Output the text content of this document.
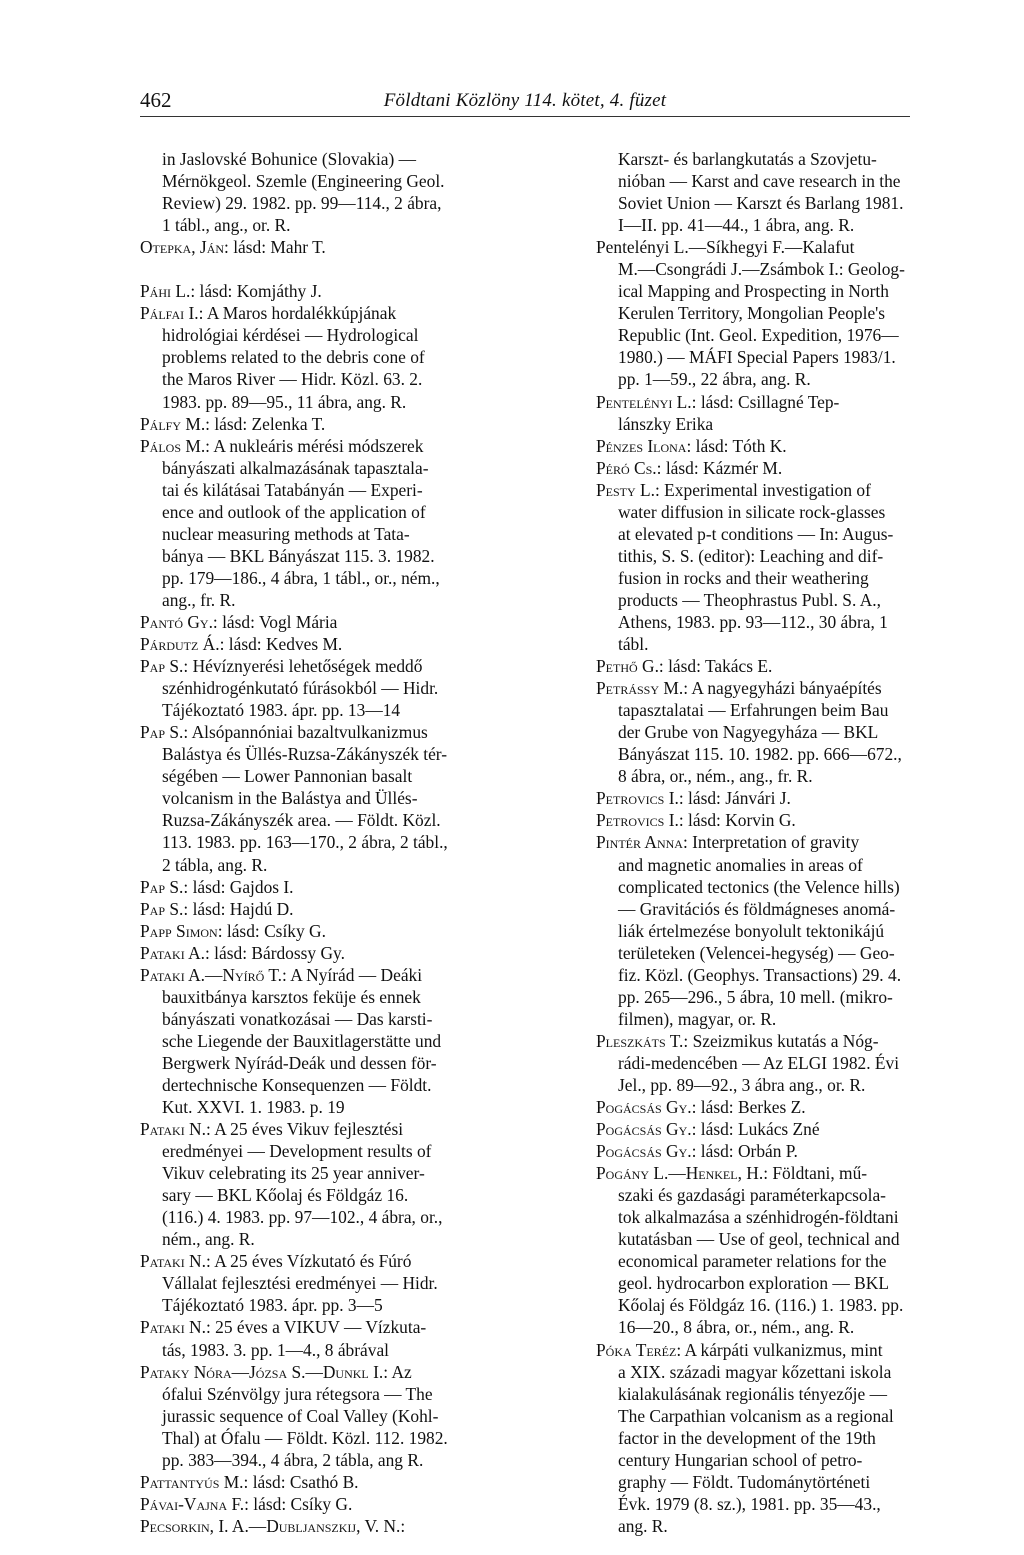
462	Földtani Közlöny 114. kötet, 4. füzet
in Jaslovské Bohunice (Slovakia) —
Mérnökgeol. Szemle (Engineering Geol.
Review) 29. 1982. pp. 99—114., 2 ábra,
1 tábl., ang., or. R.
Otepka, Ján: lásd: Mahr T.
Páhi L.: lásd: Komjáthy J.
Pálfai I.: A Maros hordalékkúpjának
hidrológiai kérdései — Hydrological
problems related to the debris cone of
the Maros River — Hidr. Közl. 63. 2.
1983. pp. 89—95., 11 ábra, ang. R.
Pálfy M.: lásd: Zelenka T.
Pálos M.: A nukleáris mérési módszerek
bányászati alkalmazásának tapasztala-
tai és kilátásai Tatabányán — Experi-
ence and outlook of the application of
nuclear measuring methods at Tata-
bánya — BKL Bányászat 115. 3. 1982.
pp. 179—186., 4 ábra, 1 tábl., or., ném.,
ang., fr. R.
Pantó Gy.: lásd: Vogl Mária
Párdutz Á.: lásd: Kedves M.
Pap S.: Hévíznyerési lehetőségek meddő
szénhidrogénkutató fúrásokból — Hidr.
Tájékoztató 1983. ápr. pp. 13—14
Pap S.: Alsópannóniai bazaltvulkanizmus
Balástya és Üllés-Ruzsa-Zákányszék tér-
ségében — Lower Pannonian basalt
volcanism in the Balástya and Üllés-
Ruzsa-Zákányszék area. — Földt. Közl.
113. 1983. pp. 163—170., 2 ábra, 2 tábl.,
2 tábla, ang. R.
Pap S.: lásd: Gajdos I.
Pap S.: lásd: Hajdú D.
Papp Simon: lásd: Csíky G.
Pataki A.: lásd: Bárdossy Gy.
Pataki A.—Nyírő T.: A Nyírád — Deáki
bauxitbánya karsztos feküje és ennek
bányászati vonatkozásai — Das karsti-
sche Liegende der Bauxitlagerstätte und
Bergwerk Nyírád-Deák und dessen för-
dertechnische Konsequenzen — Földt.
Kut. XXVI. 1. 1983. p. 19
Pataki N.: A 25 éves Vikuv fejlesztési
eredményei — Development results of
Vikuv celebrating its 25 year anniver-
sary — BKL Kőolaj és Földgáz 16.
(116.) 4. 1983. pp. 97—102., 4 ábra, or.,
ném., ang. R.
Pataki N.: A 25 éves Vízkutató és Fúró
Vállalat fejlesztési eredményei — Hidr.
Tájékoztató 1983. ápr. pp. 3—5
Pataki N.: 25 éves a VIKUV — Vízkuta-
tás, 1983. 3. pp. 1—4., 8 ábrával
Pataky Nóra—Józsa S.—Dunkl I.: Az
ófalui Szénvölgy jura rétegsora — The
jurassic sequence of Coal Valley (Kohl-
Thal) at Ófalu — Földt. Közl. 112. 1982.
pp. 383—394., 4 ábra, 2 tábla, ang R.
Pattantyús M.: lásd: Csathó B.
Pávai-Vajna F.: lásd: Csíky G.
Pecsorkin, I. A.—Dubljanszkij, V. N.:
Karszt- és barlangkutatás a Szovjetu-
nióban — Karst and cave research in the
Soviet Union — Karszt és Barlang 1981.
I—II. pp. 41—44., 1 ábra, ang. R.
Pentelényi L.—Síkhegyi F.—Kalafut
M.—Csongrádi J.—Zsámbok I.: Geolog-
ical Mapping and Prospecting in North
Kerulen Territory, Mongolian People's
Republic (Int. Geol. Expedition, 1976—
1980.) — MÁFI Special Papers 1983/1.
pp. 1—59., 22 ábra, ang. R.
Pentelényi L.: lásd: Csillagné Tep-
lánszky Erika
Pénzes Ilona: lásd: Tóth K.
Péró Cs.: lásd: Kázmér M.
Pesty L.: Experimental investigation of
water diffusion in silicate rock-glasses
at elevated p-t conditions — In: Augus-
tithis, S. S. (editor): Leaching and dif-
fusion in rocks and their weathering
products — Theophrastus Publ. S. A.,
Athens, 1983. pp. 93—112., 30 ábra, 1
tábl.
Pethő G.: lásd: Takács E.
Petrássy M.: A nagyegyházi bányaépítés
tapasztalatai — Erfahrungen beim Bau
der Grube von Nagyegyháza — BKL
Bányászat 115. 10. 1982. pp. 666—672.,
8 ábra, or., ném., ang., fr. R.
Petrovics I.: lásd: Jánvári J.
Petrovics I.: lásd: Korvin G.
Pintér Anna: Interpretation of gravity
and magnetic anomalies in areas of
complicated tectonics (the Velence hills)
— Gravitációs és földmágneses anomá-
liák értelmezése bonyolult tektonikájú
területeken (Velencei-hegység) — Geo-
fiz. Közl. (Geophys. Transactions) 29. 4.
pp. 265—296., 5 ábra, 10 mell. (mikro-
filmen), magyar, or. R.
Pleszkáts T.: Szeizmikus kutatás a Nóg-
rádi-medencében — Az ELGI 1982. Évi
Jel., pp. 89—92., 3 ábra ang., or. R.
Pogácsás Gy.: lásd: Berkes Z.
Pogácsás Gy.: lásd: Lukács Zné
Pogácsás Gy.: lásd: Orbán P.
Pogány L.—Henkel, H.: Földtani, mű-
szaki és gazdasági paraméterkapcsola-
tok alkalmazása a szénhidrogén-földtani
kutatásban — Use of geol, technical and
economical parameter relations for the
geol. hydrocarbon exploration — BKL
Kőolaj és Földgáz 16. (116.) 1. 1983. pp.
16—20., 8 ábra, or., ném., ang. R.
Póka Teréz: A kárpáti vulkanizmus, mint
a XIX. századi magyar kőzettani iskola
kialakulásának regionális tényezője —
The Carpathian volcanism as a regional
factor in the development of the 19th
century Hungarian school of petro-
graphy — Földt. Tudománytörténeti
Évk. 1979 (8. sz.), 1981. pp. 35—43.,
ang. R.
